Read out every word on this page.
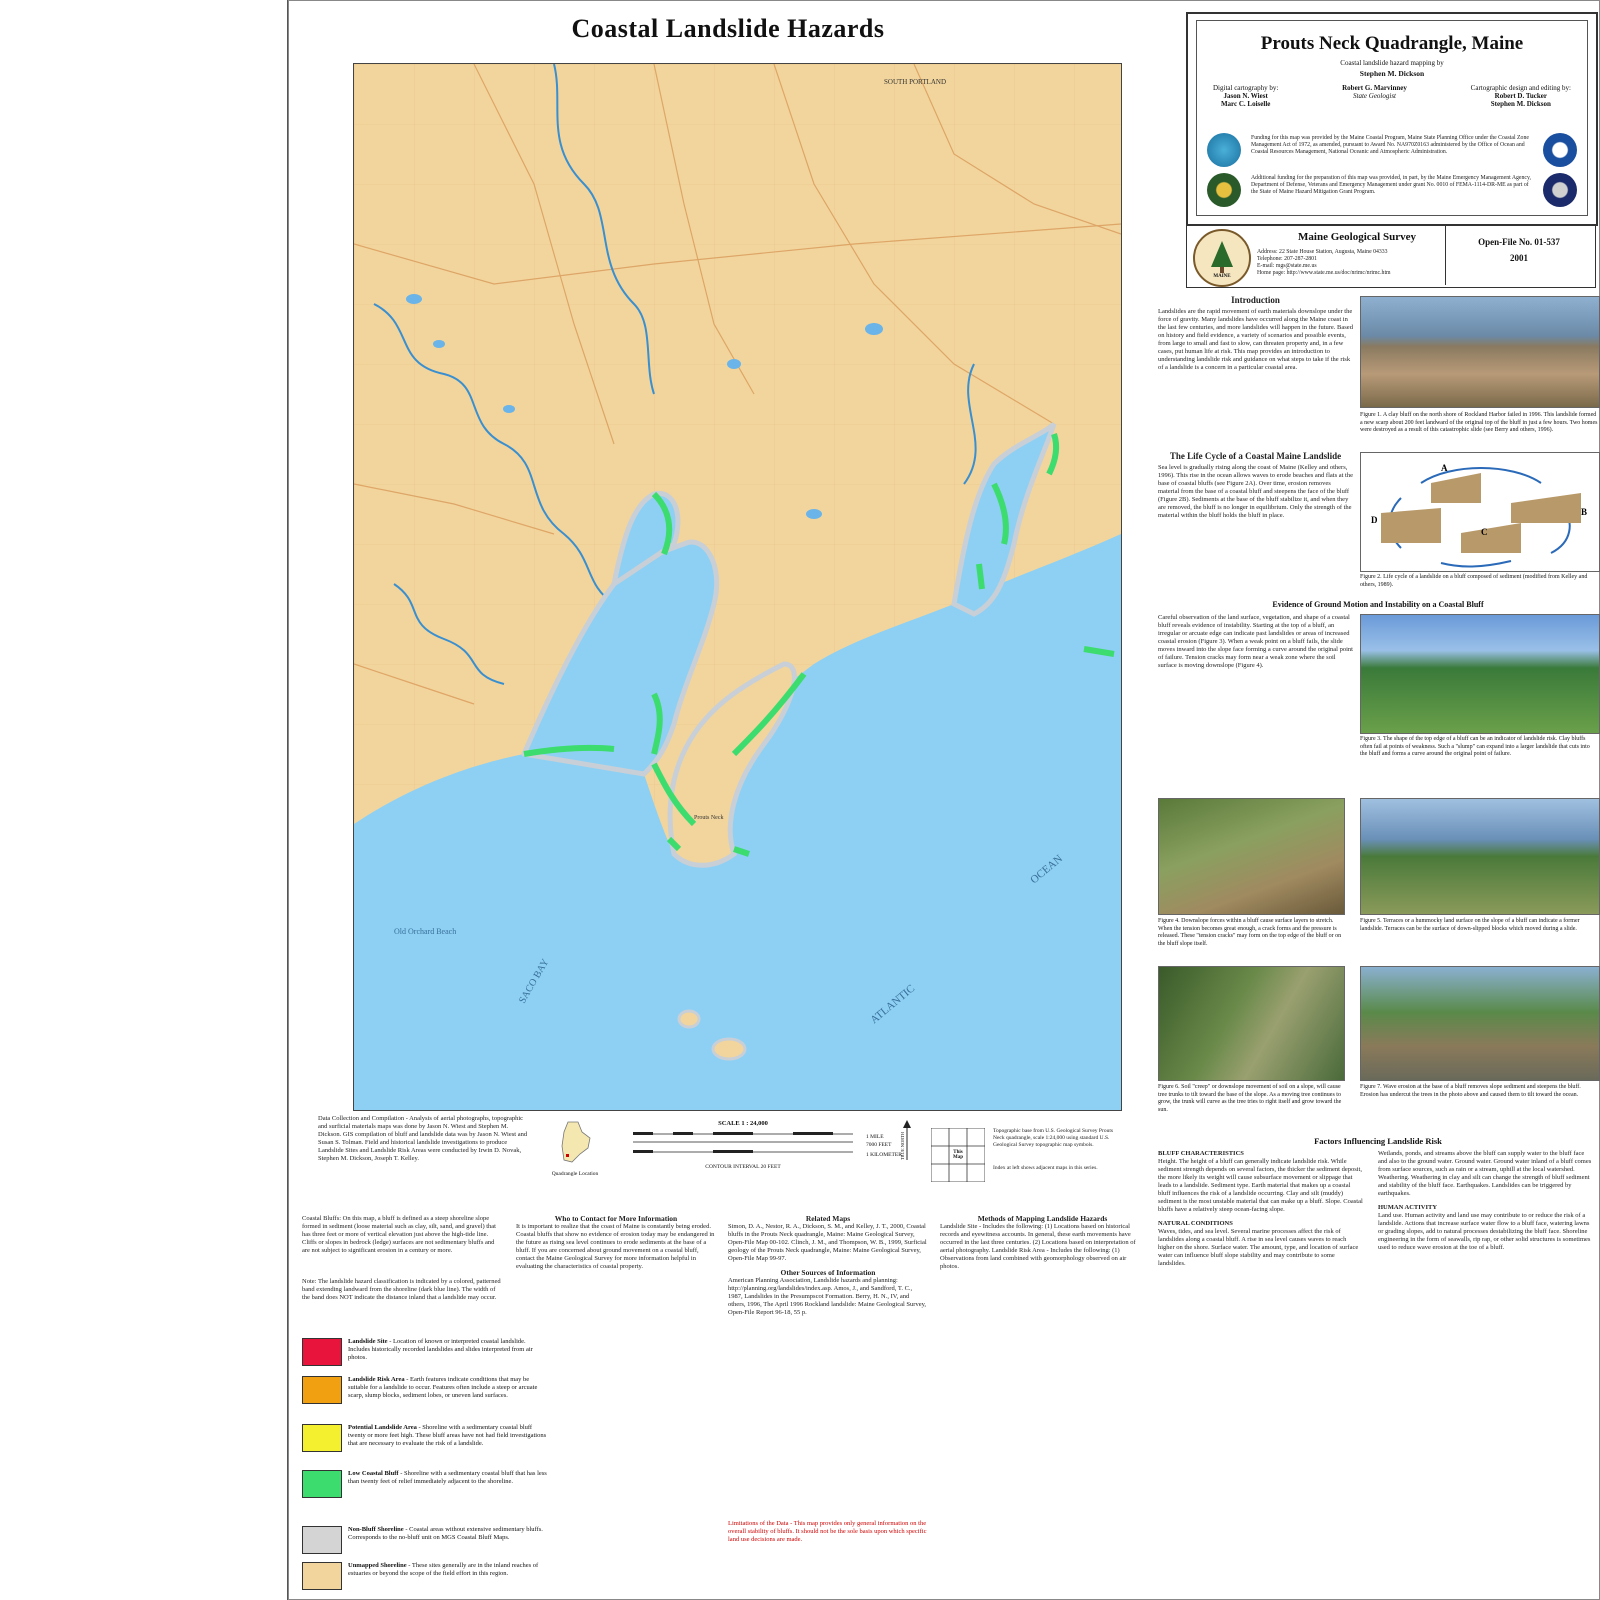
Coastal Landslide Hazards
Old Orchard Beach
SACO BAY	ATLANTIC
OCEAN
Prouts Neck
SOUTH PORTLAND
Data Collection and Compilation - Analysis of aerial photographs, topographic and surficial materials maps was done by Jason N. Wiest and Stephen M. Dickson. GIS compilation of bluff and landslide data was by Jason N. Wiest and Susan S. Tolman. Field and historical landslide investigations to produce Landslide Sites and Landslide Risk Areas were conducted by Irwin D. Novak, Stephen M. Dickson, Joseph T. Kelley.
Quadrangle Location
SCALE 1 : 24,000
CONTOUR INTERVAL 20 FEET
1 MILE
7000 FEET
1 KILOMETER
TRUE NORTH	This Map
Topographic base from U.S. Geological Survey Prouts Neck quadrangle, scale 1:24,000 using standard U.S. Geological Survey topographic map symbols.
Index at left shows adjacent maps in this series.
Prouts Neck Quadrangle, Maine
Coastal landslide hazard mapping by
Stephen M. Dickson
Digital cartography by:
Jason N. Wiest
Marc C. Loiselle
Robert G. Marvinney
State Geologist
Cartographic design and editing by:
Robert D. Tucker
Stephen M. Dickson
Funding for this map was provided by the Maine Coastal Program, Maine State Planning Office under the Coastal Zone Management Act of 1972, as amended, pursuant to Award No. NA970Z0163 administered by the Office of Ocean and Coastal Resources Management, National Oceanic and Atmospheric Administration.
Additional funding for the preparation of this map was provided, in part, by the Maine Emergency Management Agency, Department of Defense, Veterans and Emergency Management under grant No. 0010 of FEMA-1114-DR-ME as part of the State of Maine Hazard Mitigation Grant Program.
MAINE
Maine Geological Survey
Address: 22 State House Station, Augusta, Maine 04333
Telephone: 207-287-2801
E-mail: mgs@state.me.us
Home page: http://www.state.me.us/doc/nrimc/nrimc.htm
Open-File No. 01-537
2001
Introduction
Landslides are the rapid movement of earth materials downslope under the force of gravity. Many landslides have occurred along the Maine coast in the last few centuries, and more landslides will happen in the future. Based on history and field evidence, a variety of scenarios and possible events, from large to small and fast to slow, can threaten property and, in a few cases, put human life at risk. This map provides an introduction to understanding landslide risk and guidance on what steps to take if the risk of a landslide is a concern in a particular coastal area.
Figure 1. A clay bluff on the north shore of Rockland Harbor failed in 1996. This landslide formed a new scarp about 200 feet landward of the original top of the bluff in just a few hours. Two homes were destroyed as a result of this catastrophic slide (see Berry and others, 1996).
The Life Cycle of a Coastal Maine Landslide
Sea level is gradually rising along the coast of Maine (Kelley and others, 1996). This rise in the ocean allows waves to erode beaches and flats at the base of coastal bluffs (see Figure 2A). Over time, erosion removes material from the base of a coastal bluff and steepens the face of the bluff (Figure 2B). Sediments at the base of the bluff stabilize it, and when they are removed, the bluff is no longer in equilibrium. Only the strength of the material within the bluff holds the bluff in place.
A
B
C
D
Figure 2. Life cycle of a landslide on a bluff composed of sediment (modified from Kelley and others, 1989).
Evidence of Ground Motion and Instability on a Coastal Bluff
Careful observation of the land surface, vegetation, and shape of a coastal bluff reveals evidence of instability. Starting at the top of a bluff, an irregular or arcuate edge can indicate past landslides or areas of increased coastal erosion (Figure 3). When a weak point on a bluff fails, the slide moves inward into the slope face forming a curve around the original point of failure. Tension cracks may form near a weak zone where the soil surface is moving downslope (Figure 4).
Figure 3. The shape of the top edge of a bluff can be an indicator of landslide risk. Clay bluffs often fail at points of weakness. Such a "slump" can expand into a larger landslide that cuts into the bluff and forms a curve around the original point of failure.
Figure 4. Downslope forces within a bluff cause surface layers to stretch. When the tension becomes great enough, a crack forms and the pressure is released. These "tension cracks" may form on the top edge of the bluff or on the bluff slope itself.
Figure 5. Terraces or a hummocky land surface on the slope of a bluff can indicate a former landslide. Terraces can be the surface of down-slipped blocks which moved during a slide.
Figure 6. Soil "creep" or downslope movement of soil on a slope, will cause tree trunks to tilt toward the base of the slope. As a moving tree continues to grow, the trunk will curve as the tree tries to right itself and grow toward the sun.
Figure 7. Wave erosion at the base of a bluff removes slope sediment and steepens the bluff. Erosion has undercut the trees in the photo above and caused them to tilt toward the ocean.
Factors Influencing Landslide Risk
BLUFF CHARACTERISTICS
Height. The height of a bluff can generally indicate landslide risk. While sediment strength depends on several factors, the thicker the sediment deposit, the more likely its weight will cause subsurface movement or slippage that leads to a landslide. Sediment type. Earth material that makes up a coastal bluff influences the risk of a landslide occurring. Clay and silt (muddy) sediment is the most unstable material that can make up a bluff. Slope. Coastal bluffs have a relatively steep ocean-facing slope.
NATURAL CONDITIONS
Waves, tides, and sea level. Several marine processes affect the risk of landslides along a coastal bluff. A rise in sea level causes waves to reach higher on the shore. Surface water. The amount, type, and location of surface water can influence bluff slope stability and may contribute to some landslides.
Wetlands, ponds, and streams above the bluff can supply water to the bluff face and also to the ground water. Ground water. Ground water inland of a bluff comes from surface sources, such as rain or a stream, uphill at the local watershed. Weathering. Weathering in clay and silt can change the strength of bluff sediment and stability of the bluff face. Earthquakes. Landslides can be triggered by earthquakes.
HUMAN ACTIVITY
Land use. Human activity and land use may contribute to or reduce the risk of a landslide. Actions that increase surface water flow to a bluff face, watering lawns or grading slopes, add to natural processes destabilizing the bluff face. Shoreline engineering in the form of seawalls, rip rap, or other solid structures is sometimes used to reduce wave erosion at the toe of a bluff.
Coastal Bluffs: On this map, a bluff is defined as a steep shoreline slope formed in sediment (loose material such as clay, silt, sand, and gravel) that has three feet or more of vertical elevation just above the high-tide line. Cliffs or slopes in bedrock (ledge) surfaces are not sedimentary bluffs and are not subject to significant erosion in a century or more.
Note: The landslide hazard classification is indicated by a colored, patterned band extending landward from the shoreline (dark blue line). The width of the band does NOT indicate the distance inland that a landslide may occur.
Who to Contact for More Information
It is important to realize that the coast of Maine is constantly being eroded. Coastal bluffs that show no evidence of erosion today may be endangered in the future as rising sea level continues to erode sediments at the base of a bluff. If you are concerned about ground movement on a coastal bluff, contact the Maine Geological Survey for more information helpful in evaluating the characteristics of coastal property.
Related Maps
Simon, D. A., Nestor, R. A., Dickson, S. M., and Kelley, J. T., 2000, Coastal bluffs in the Prouts Neck quadrangle, Maine: Maine Geological Survey, Open-File Map 00-102. Clinch, J. M., and Thompson, W. B., 1999, Surficial geology of the Prouts Neck quadrangle, Maine: Maine Geological Survey, Open-File Map 99-97.
Other Sources of Information
American Planning Association, Landslide hazards and planning: http://planning.org/landslides/index.asp. Amos, J., and Sandford, T. C., 1987, Landslides in the Presumpscot Formation. Berry, H. N., IV, and others, 1996, The April 1996 Rockland landslide: Maine Geological Survey, Open-File Report 96-18, 55 p.
Methods of Mapping Landslide Hazards
Landslide Site - Includes the following: (1) Locations based on historical records and eyewitness accounts. In general, these earth movements have occurred in the last three centuries. (2) Locations based on interpretation of aerial photography. Landslide Risk Area - Includes the following: (1) Observations from land combined with geomorphology observed on air photos.
Limitations of the Data - This map provides only general information on the overall stability of bluffs. It should not be the sole basis upon which specific land use decisions are made.
Landslide Site - Location of known or interpreted coastal landslide. Includes historically recorded landslides and slides interpreted from air photos.
Landslide Risk Area - Earth features indicate conditions that may be suitable for a landslide to occur. Features often include a steep or arcuate scarp, slump blocks, sediment lobes, or uneven land surfaces.
Potential Landslide Area - Shoreline with a sedimentary coastal bluff twenty or more feet high. These bluff areas have not had field investigations that are necessary to evaluate the risk of a landslide.
Low Coastal Bluff - Shoreline with a sedimentary coastal bluff that has less than twenty feet of relief immediately adjacent to the shoreline.
Non-Bluff Shoreline - Coastal areas without extensive sedimentary bluffs. Corresponds to the no-bluff unit on MGS Coastal Bluff Maps.
Unmapped Shoreline - These sites generally are in the inland reaches of estuaries or beyond the scope of the field effort in this region.
